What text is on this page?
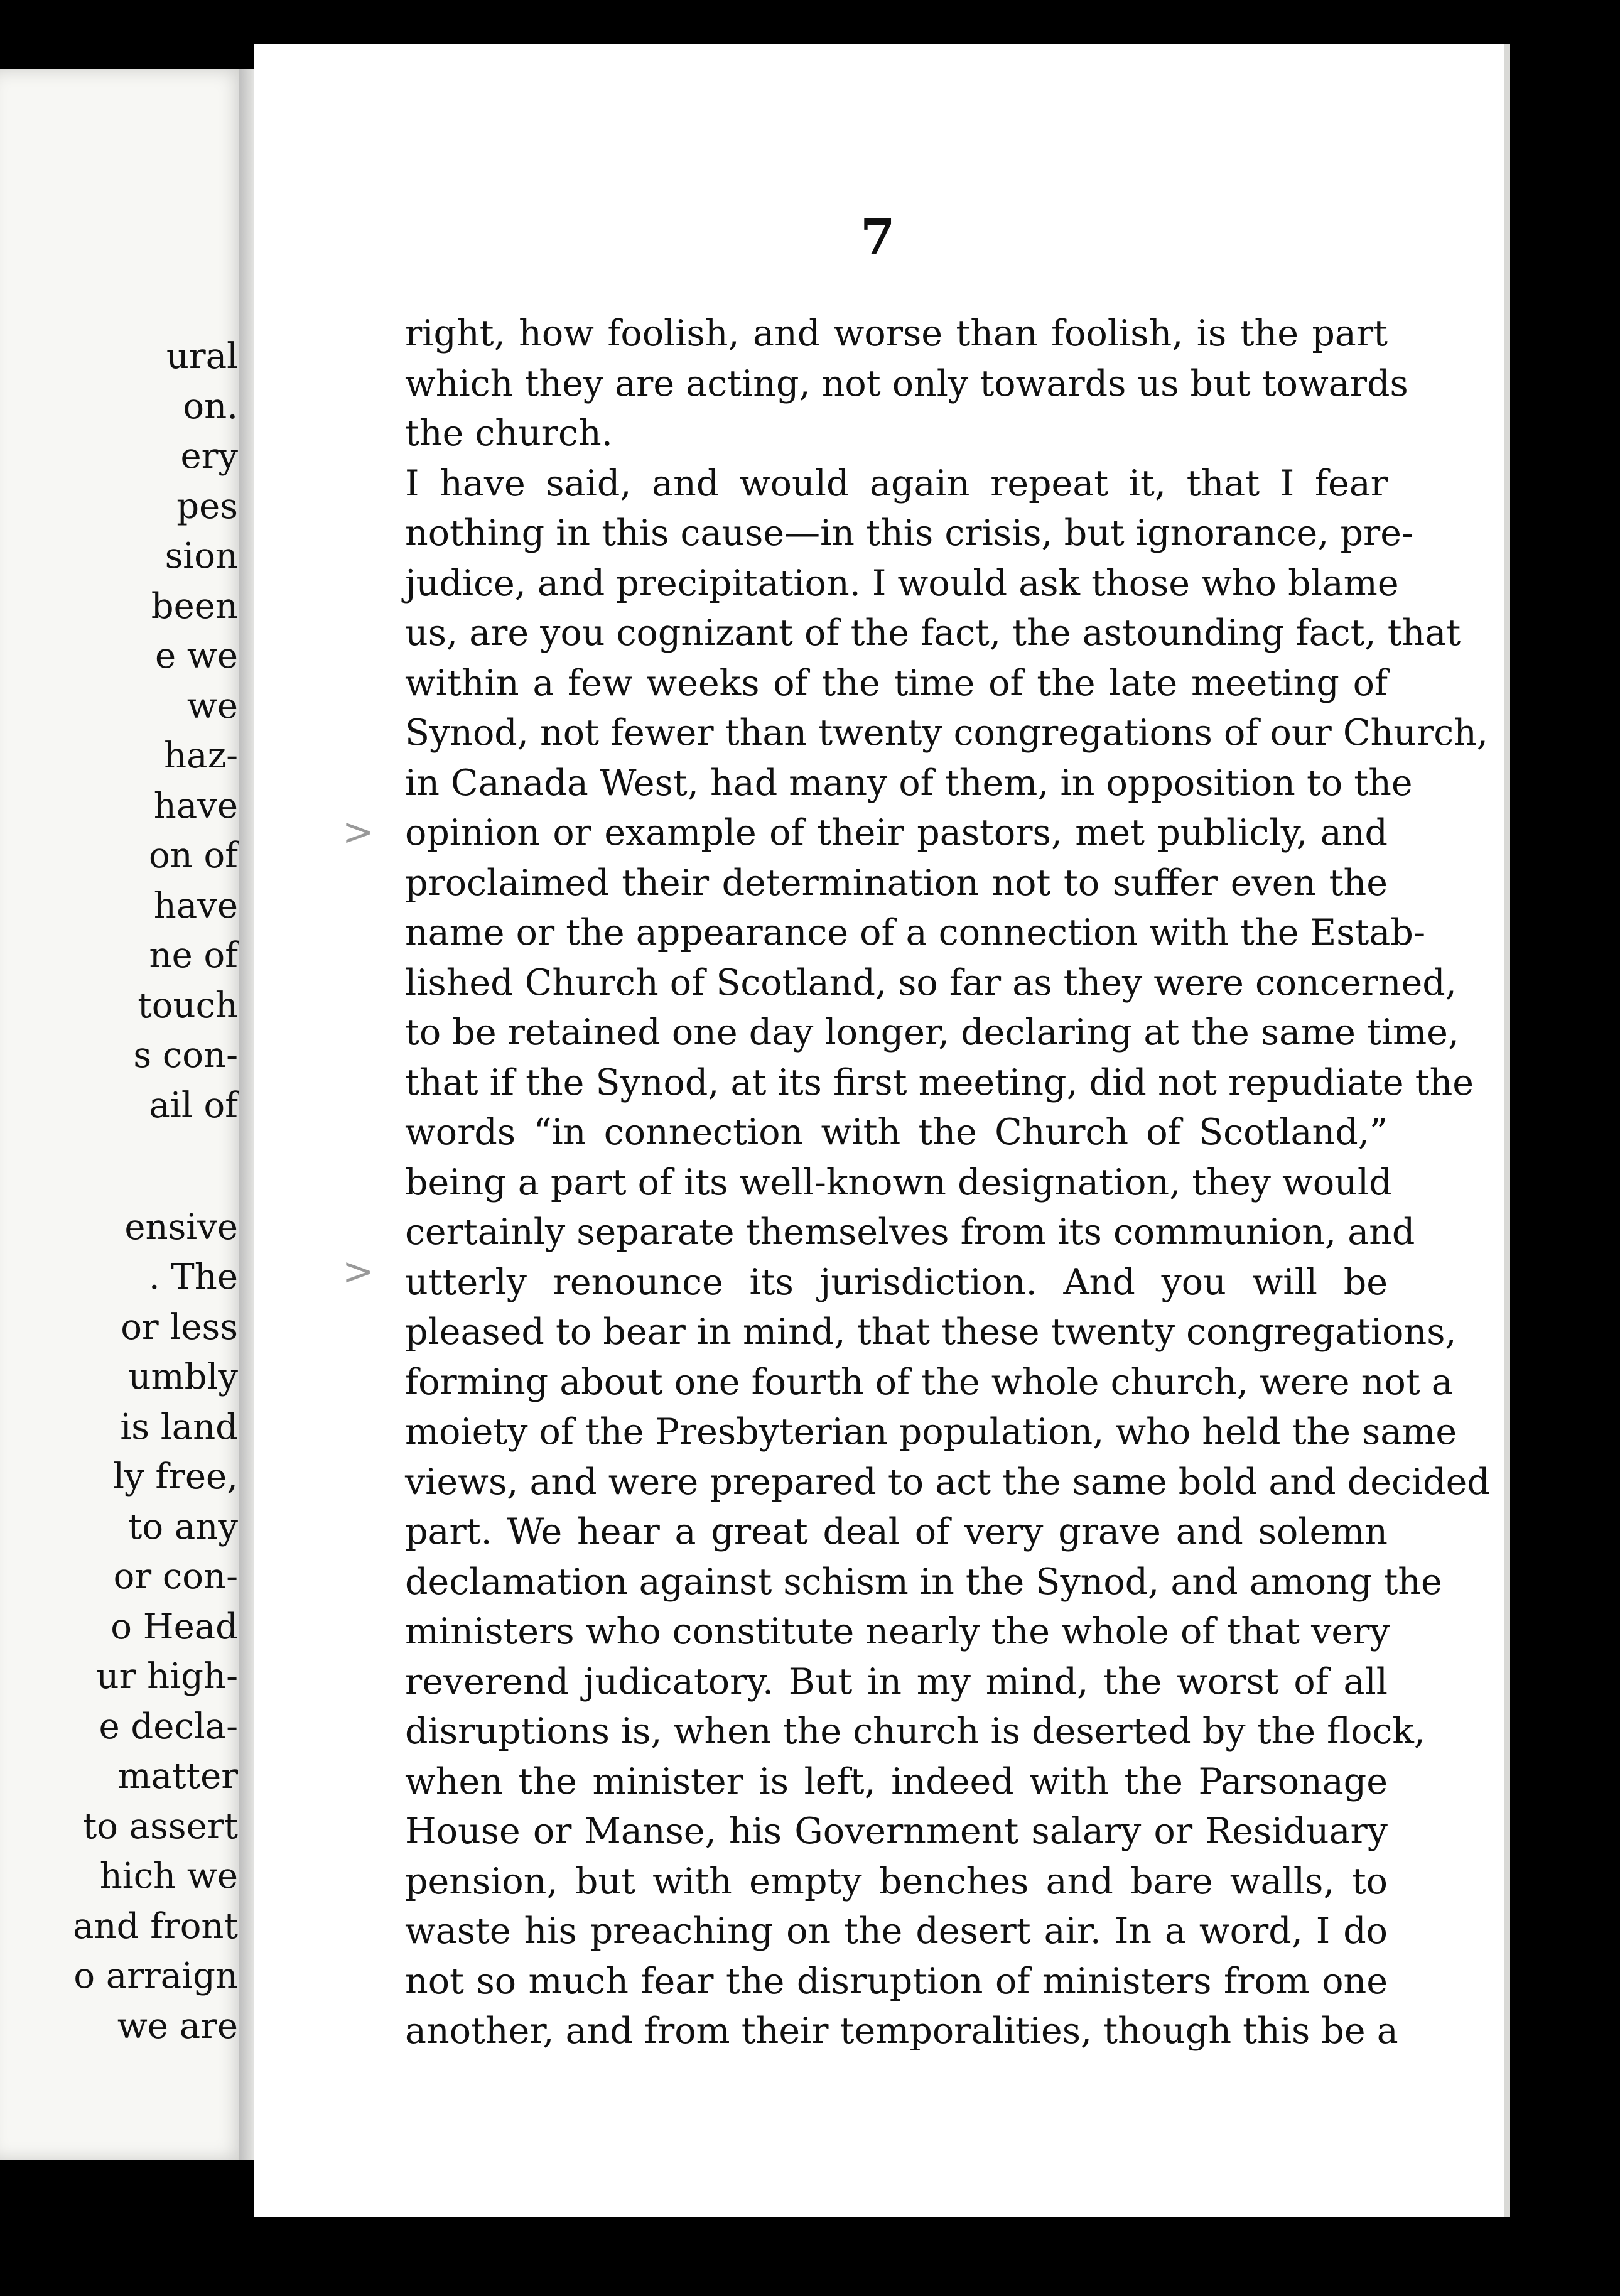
ural
on.
ery
pes
sion
been
e we
we
haz-
have
on of
have
ne of
touch
s con-
ail of
ensive
. The
or less
umbly
is land
ly free,
to any
or con-
o Head
ur high-
e decla-
matter
to assert
hich we
and front
o arraign
we are
7
right, how foolish, and worse than foolish, is the part
which they are acting, not only towards us but towards
the church.
I have said, and would again repeat it, that I fear
nothing in this cause—in this crisis, but ignorance, pre-
judice, and precipitation. I would ask those who blame
us, are you cognizant of the fact, the astounding fact, that
within a few weeks of the time of the late meeting of
Synod, not fewer than twenty congregations of our Church,
in Canada West, had many of them, in opposition to the
opinion or example of their pastors, met publicly, and
proclaimed their determination not to suffer even the
name or the appearance of a connection with the Estab-
lished Church of Scotland, so far as they were concerned,
to be retained one day longer, declaring at the same time,
that if the Synod, at its first meeting, did not repudiate the
words “in connection with the Church of Scotland,”
being a part of its well-known designation, they would
certainly separate themselves from its communion, and
utterly renounce its jurisdiction. And you will be
pleased to bear in mind, that these twenty congregations,
forming about one fourth of the whole church, were not a
moiety of the Presbyterian population, who held the same
views, and were prepared to act the same bold and decided
part. We hear a great deal of very grave and solemn
declamation against schism in the Synod, and among the
ministers who constitute nearly the whole of that very
reverend judicatory. But in my mind, the worst of all
disruptions is, when the church is deserted by the flock,
when the minister is left, indeed with the Parsonage
House or Manse, his Government salary or Residuary
pension, but with empty benches and bare walls, to
waste his preaching on the desert air. In a word, I do
not so much fear the disruption of ministers from one
another, and from their temporalities, though this be a
>
>
